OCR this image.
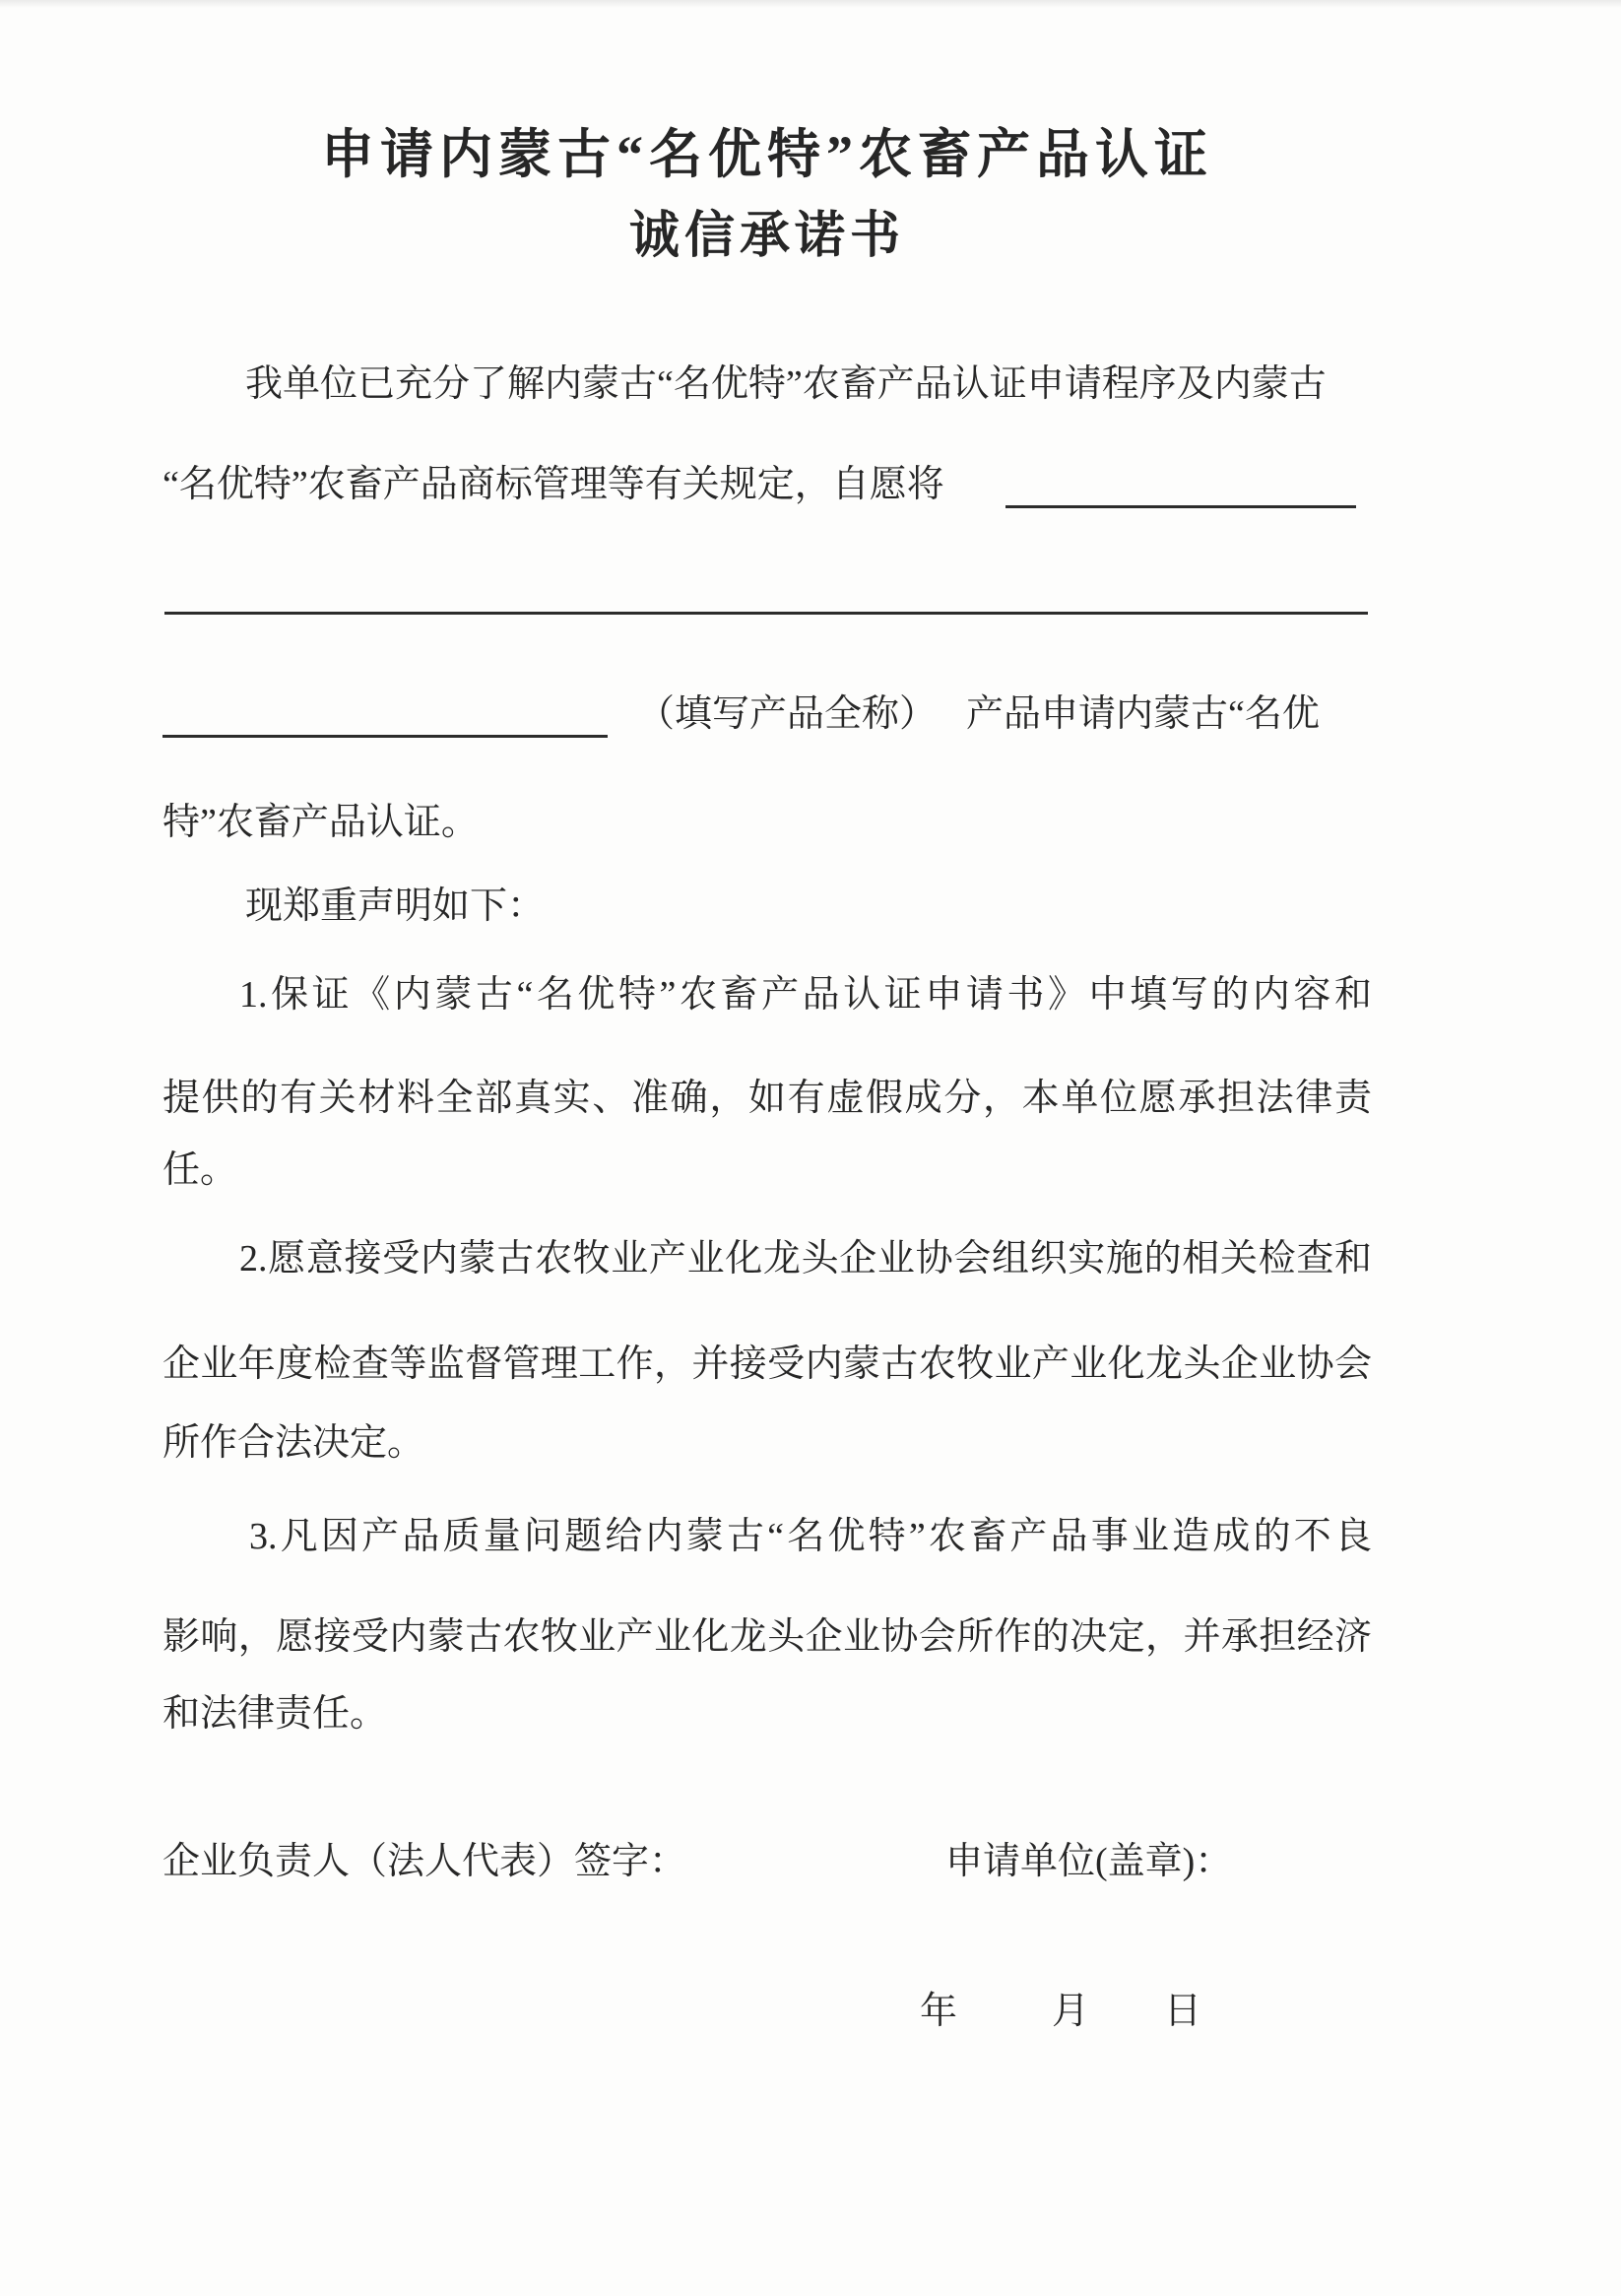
申请内蒙古“名优特”农畜产品认证
诚信承诺书
我单位已充分了解内蒙古“名优特”农畜产品认证申请程序及内蒙古
“名优特”农畜产品商标管理等有关规定，自愿将
（填写产品全称） 产品申请内蒙古“名优
特”农畜产品认证。
现郑重声明如下：
1.保证《内蒙古“名优特”农畜产品认证申请书》中填写的内容和
提供的有关材料全部真实、准确，如有虚假成分，本单位愿承担法律责
任。
2.愿意接受内蒙古农牧业产业化龙头企业协会组织实施的相关检查和
企业年度检查等监督管理工作，并接受内蒙古农牧业产业化龙头企业协会
所作合法决定。
3.凡因产品质量问题给内蒙古“名优特”农畜产品事业造成的不良
影响，愿接受内蒙古农牧业产业化龙头企业协会所作的决定，并承担经济
和法律责任。
企业负责人（法人代表）签字：	申请单位(盖章)：
年	月 日
